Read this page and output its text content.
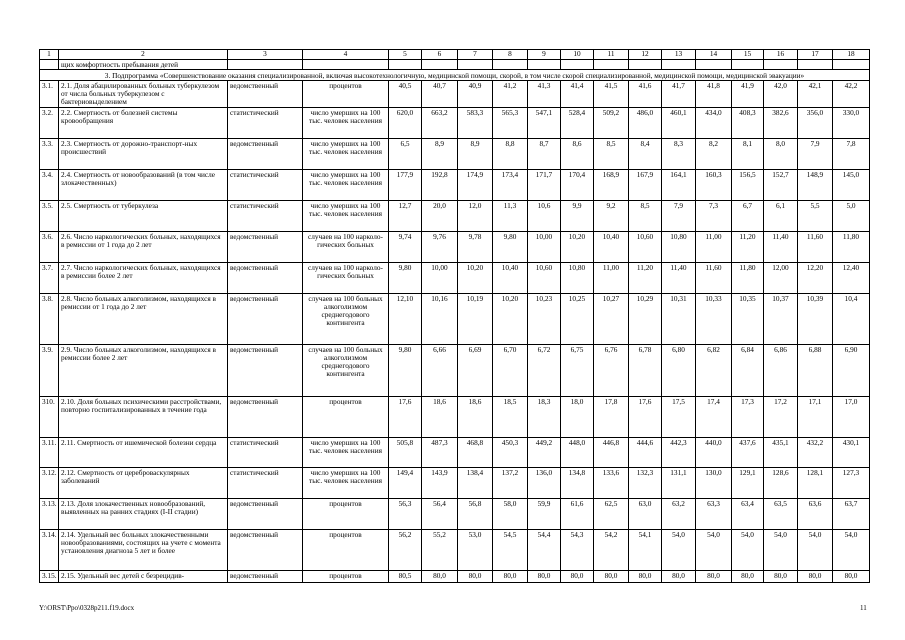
1	2	3	4	5	6	7	8	9	10	11	12	13	14	15	16	17	18
	щих комфортность пребывания детей																
3. Подпрограмма «Совершенствование оказания специализированной, включая высокотехнологичную, медицинской помощи, скорой, в том числе скорой специализированной, медицинской помощи, медицинской эвакуации»																	
3.1.	2.1. Доля абацилированных больных туберкулезом от числа больных туберкулезом с бактериовыделением	ведомственный	процентов	40,5	40,7	40,9	41,2	41,3	41,4	41,5	41,6	41,7	41,8	41,9	42,0	42,1	42,2
3.2.	2.2. Смертность от болезней системы кровообращения	статистический	число умерших на 100 тыс. человек населения	620,0	663,2	583,3	565,3	547,1	528,4	509,2	486,0	460,1	434,0	408,3	382,6	356,0	330,0
3.3.	2.3. Смертность от дорожно-транспорт-ных происшествий	ведомственный	число умерших на 100 тыс. человек населения	6,5	8,9	8,9	8,8	8,7	8,6	8,5	8,4	8,3	8,2	8,1	8,0	7,9	7,8
3.4.	2.4. Смертность от новообразований (в том числе злокачественных)	статистический	число умерших на 100 тыс. человек населения	177,9	192,8	174,9	173,4	171,7	170,4	168,9	167,9	164,1	160,3	156,5	152,7	148,9	145,0
3.5.	2.5. Смертность от туберкулеза	статистический	число умерших на 100 тыс. человек населения	12,7	20,0	12,0	11,3	10,6	9,9	9,2	8,5	7,9	7,3	6,7	6,1	5,5	5,0
3.6.	2.6. Число наркологических больных, находящихся в ремиссии от 1 года до 2 лет	ведомственный	случаев на 100 нарколо-гических больных	9,74	9,76	9,78	9,80	10,00	10,20	10,40	10,60	10,80	11,00	11,20	11,40	11,60	11,80
3.7.	2.7. Число наркологических больных, находящихся в ремиссии более 2 лет	ведомственный	случаев на 100 нарколо-гических больных	9,80	10,00	10,20	10,40	10,60	10,80	11,00	11,20	11,40	11,60	11,80	12,00	12,20	12,40
3.8.	2.8. Число больных алкоголизмом, находящихся в ремиссии от 1 года до 2 лет	ведомственный	случаев на 100 больных алкоголизмом среднегодового контингента	12,10	10,16	10,19	10,20	10,23	10,25	10,27	10,29	10,31	10,33	10,35	10,37	10,39	10,4
3.9.	2.9. Число больных алкоголизмом, находящихся в ремиссии более 2 лет	ведомственный	случаев на 100 больных алкоголизмом среднегодового контингента	9,80	6,66	6,69	6,70	6,72	6,75	6,76	6,78	6,80	6,82	6,84	6,86	6,88	6,90
310.	2.10. Доля больных психическими расстройствами, повторно госпитализированных в течение года	ведомственный	процентов	17,6	18,6	18,6	18,5	18,3	18,0	17,8	17,6	17,5	17,4	17,3	17,2	17,1	17,0
3.11.	2.11. Смертность от ишемической болезни сердца	статистический	число умерших на 100 тыс. человек населения	505,8	487,3	468,8	450,3	449,2	448,0	446,8	444,6	442,3	440,0	437,6	435,1	432,2	430,1
3.12.	2.12. Смертность от цереброваскулярных заболеваний	статистический	число умерших на 100 тыс. человек населения	149,4	143,9	138,4	137,2	136,0	134,8	133,6	132,3	131,1	130,0	129,1	128,6	128,1	127,3
3.13.	2.13. Доля злокачественных новообразований, выявленных на ранних стадиях (I-II стадии)	ведомственный	процентов	56,3	56,4	56,8	58,0	59,9	61,6	62,5	63,0	63,2	63,3	63,4	63,5	63,6	63,7
3.14.	2.14. Удельный вес больных злокачественными новообразованиями, состоящих на учете с момента установления диагноза 5 лет и более	ведомственный	процентов	56,2	55,2	53,0	54,5	54,4	54,3	54,2	54,1	54,0	54,0	54,0	54,0	54,0	54,0
3.15.	2.15. Удельный вес детей с безрецидив-	ведомственный	процентов	80,5	80,0	80,0	80,0	80,0	80,0	80,0	80,0	80,0	80,0	80,0	80,0	80,0	80,0
Y:\ORST\Ppo\0328p211.f19.docx	11
